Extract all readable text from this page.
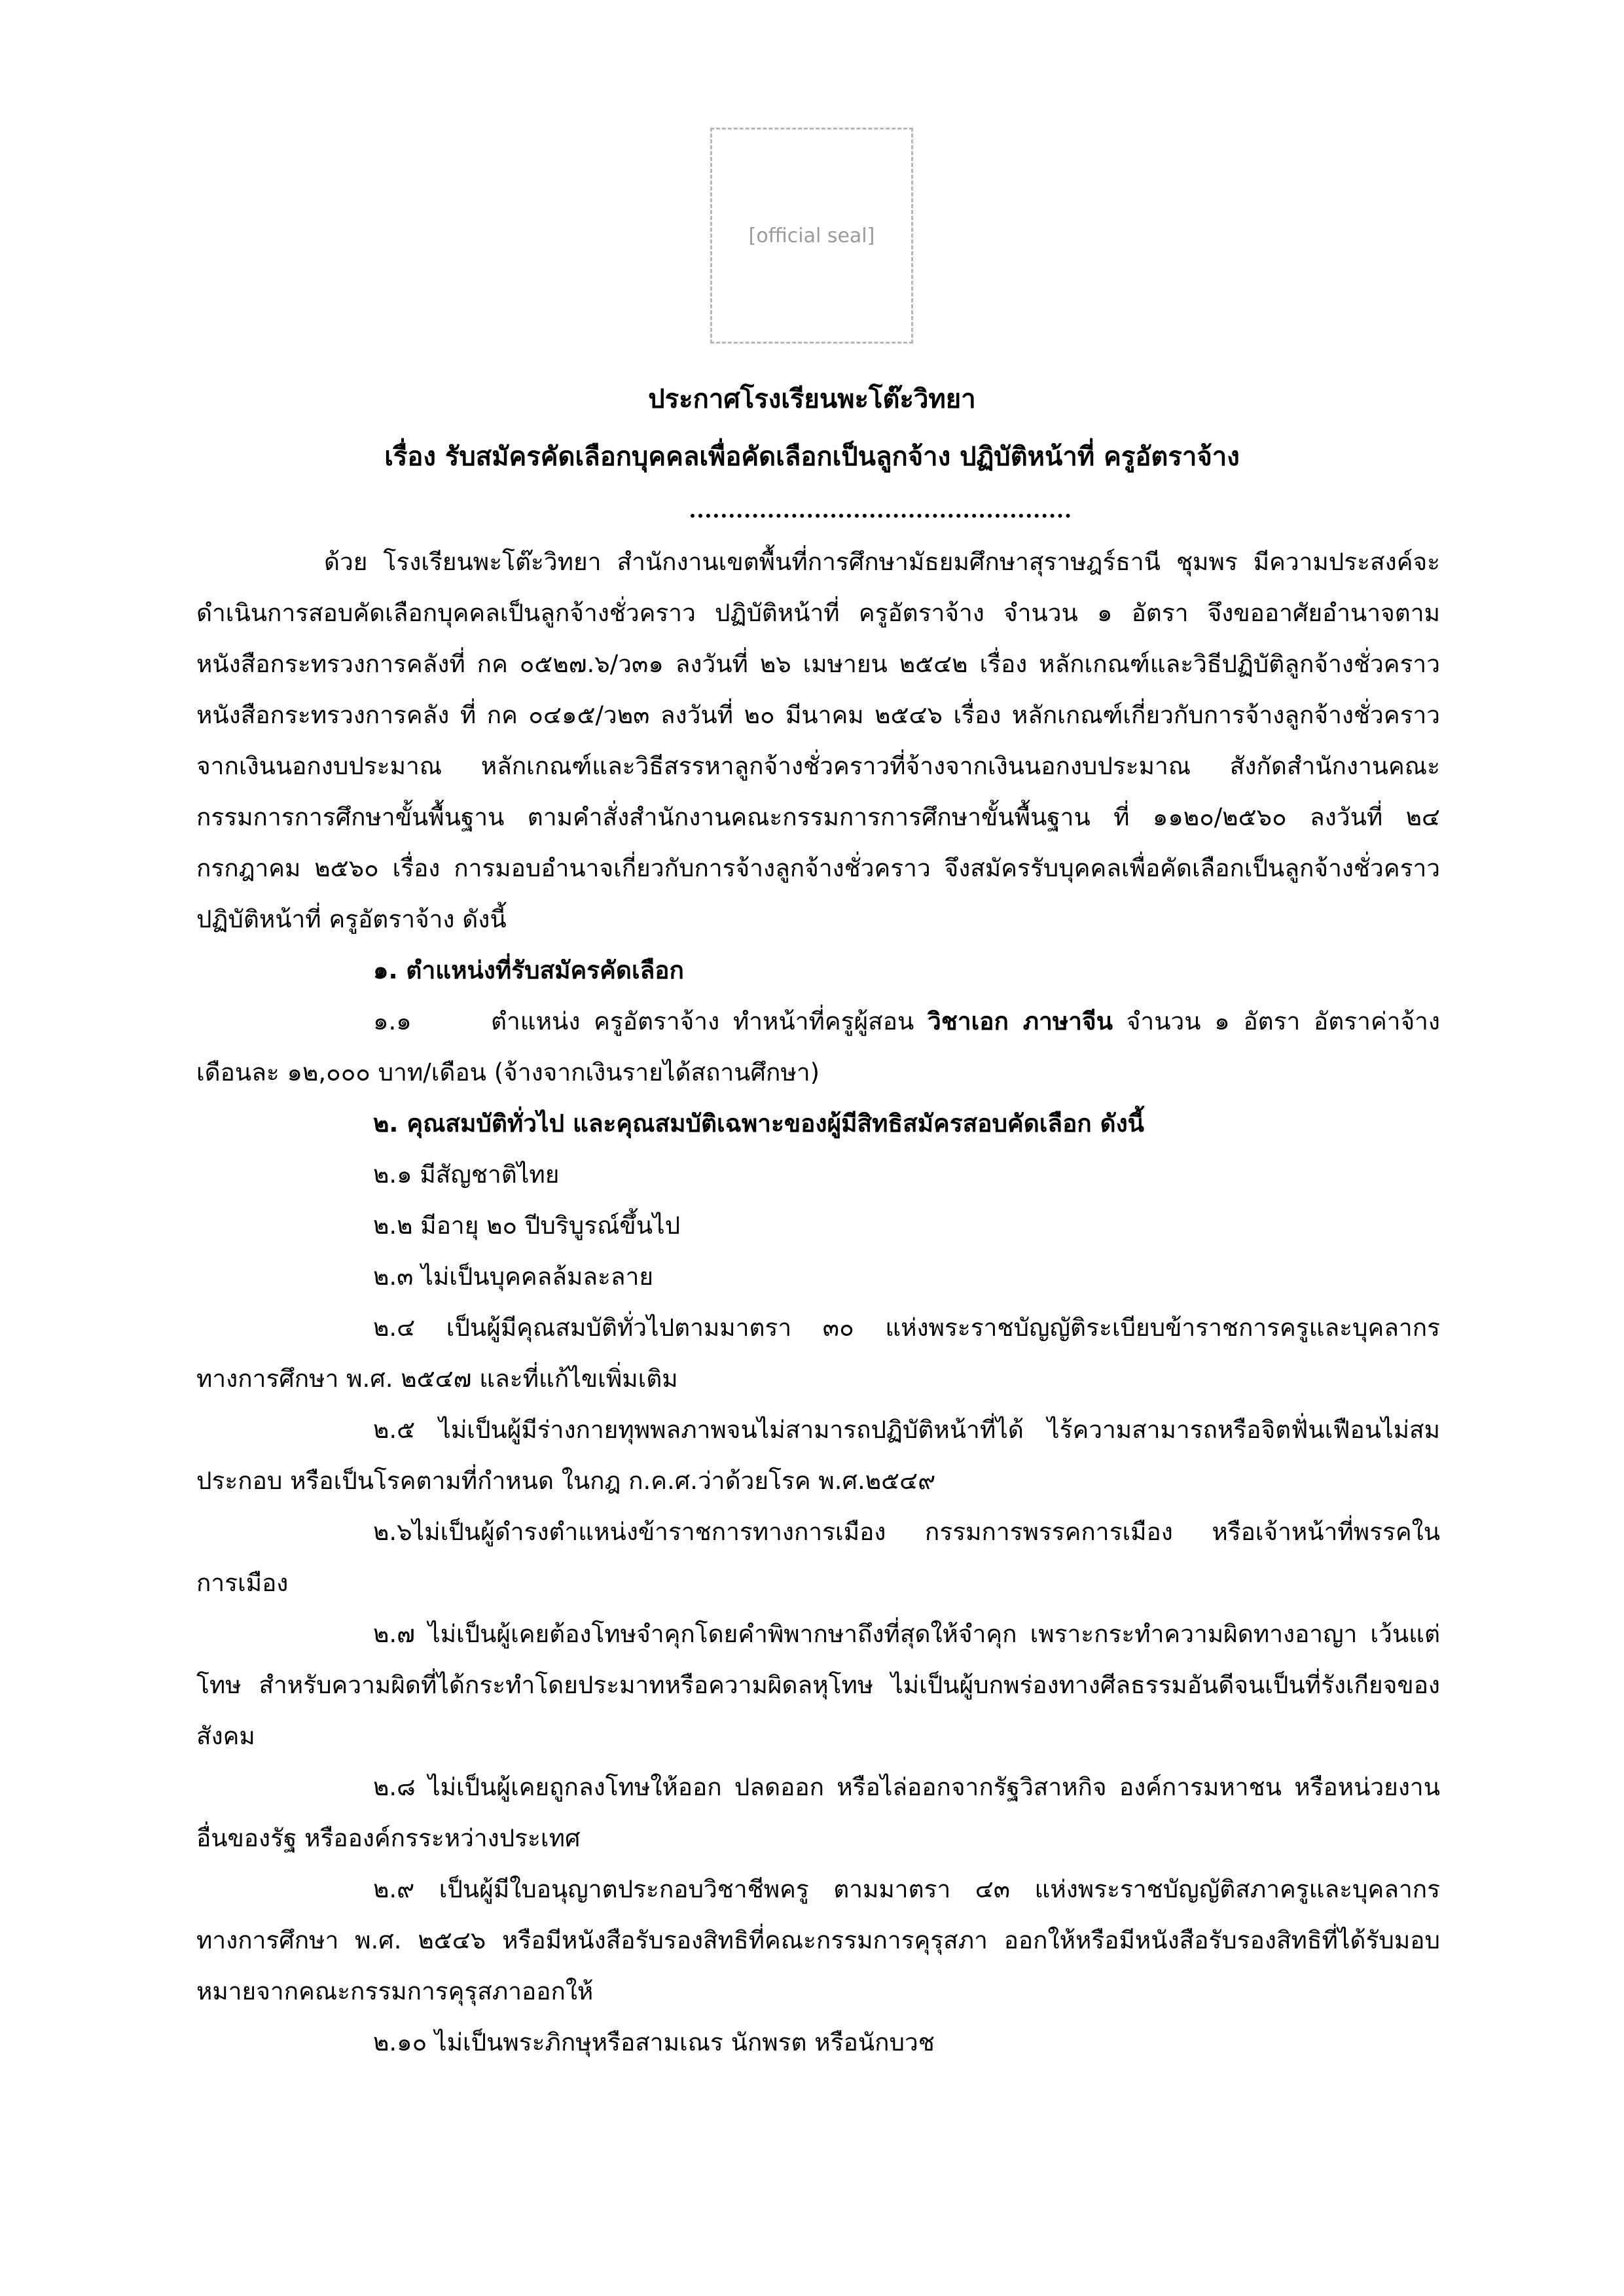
[official seal]
ประกาศโรงเรียนพะโต๊ะวิทยา
เรื่อง รับสมัครคัดเลือกบุคคลเพื่อคัดเลือกเป็นลูกจ้าง ปฏิบัติหน้าที่ ครูอัตราจ้าง

ด้วย โรงเรียนพะโต๊ะวิทยา สำนักงานเขตพื้นที่การศึกษามัธยมศึกษาสุราษฎร์ธานี ชุมพร มีความประสงค์จะดำเนินการสอบคัดเลือกบุคคลเป็นลูกจ้างชั่วคราว ปฏิบัติหน้าที่ ครูอัตราจ้าง จำนวน ๑ อัตรา จึงขออาศัยอำนาจตามหนังสือกระทรวงการคลังที่ กค ๐๕๒๗.๖/ว๓๑ ลงวันที่ ๒๖ เมษายน ๒๕๔๒ เรื่อง หลักเกณฑ์และวิธีปฏิบัติลูกจ้างชั่วคราว หนังสือกระทรวงการคลัง ที่ กค ๐๔๑๕/ว๒๓ ลงวันที่ ๒๐ มีนาคม ๒๕๔๖ เรื่อง หลักเกณฑ์เกี่ยวกับการจ้างลูกจ้างชั่วคราวจากเงินนอกงบประมาณ หลักเกณฑ์และวิธีสรรหาลูกจ้างชั่วคราวที่จ้างจากเงินนอกงบประมาณ สังกัดสำนักงานคณะกรรมการการศึกษาขั้นพื้นฐาน ตามคำสั่งสำนักงานคณะกรรมการการศึกษาขั้นพื้นฐาน ที่ ๑๑๒๐/๒๕๖๐ ลงวันที่ ๒๔ กรกฎาคม ๒๕๖๐ เรื่อง การมอบอำนาจเกี่ยวกับการจ้างลูกจ้างชั่วคราว จึงสมัครรับบุคคลเพื่อคัดเลือกเป็นลูกจ้างชั่วคราว ปฏิบัติหน้าที่ ครูอัตราจ้าง ดังนี้

๑. ตำแหน่งที่รับสมัครคัดเลือก

๑.๑	ตำแหน่ง ครูอัตราจ้าง ทำหน้าที่ครูผู้สอน วิชาเอก ภาษาจีน จำนวน ๑ อัตรา อัตราค่าจ้างเดือนละ ๑๒,๐๐๐ บาท/เดือน (จ้างจากเงินรายได้สถานศึกษา)

๒. คุณสมบัติทั่วไป และคุณสมบัติเฉพาะของผู้มีสิทธิสมัครสอบคัดเลือก ดังนี้

๒.๑ มีสัญชาติไทย

๒.๒ มีอายุ ๒๐ ปีบริบูรณ์ขึ้นไป

๒.๓ ไม่เป็นบุคคลล้มละลาย

๒.๔ เป็นผู้มีคุณสมบัติทั่วไปตามมาตรา ๓๐ แห่งพระราชบัญญัติระเบียบข้าราชการครูและบุคลากรทางการศึกษา พ.ศ. ๒๕๔๗ และที่แก้ไขเพิ่มเติม

๒.๕ ไม่เป็นผู้มีร่างกายทุพพลภาพจนไม่สามารถปฏิบัติหน้าที่ได้ ไร้ความสามารถหรือจิตฟั่นเฟือนไม่สมประกอบ หรือเป็นโรคตามที่กำหนด ในกฎ ก.ค.ศ.ว่าด้วยโรค พ.ศ.๒๕๔๙

๒.๖ไม่เป็นผู้ดำรงตำแหน่งข้าราชการทางการเมือง กรรมการพรรคการเมือง หรือเจ้าหน้าที่พรรคในการเมือง

๒.๗ ไม่เป็นผู้เคยต้องโทษจำคุกโดยคำพิพากษาถึงที่สุดให้จำคุก เพราะกระทำความผิดทางอาญา เว้นแต่โทษ สำหรับความผิดที่ได้กระทำโดยประมาทหรือความผิดลหุโทษ ไม่เป็นผู้บกพร่องทางศีลธรรมอันดีจนเป็นที่รังเกียจของสังคม

๒.๘ ไม่เป็นผู้เคยถูกลงโทษให้ออก ปลดออก หรือไล่ออกจากรัฐวิสาหกิจ องค์การมหาชน หรือหน่วยงานอื่นของรัฐ หรือองค์กรระหว่างประเทศ

๒.๙ เป็นผู้มีใบอนุญาตประกอบวิชาชีพครู ตามมาตรา ๔๓ แห่งพระราชบัญญัติสภาครูและบุคลากรทางการศึกษา พ.ศ. ๒๕๔๖ หรือมีหนังสือรับรองสิทธิที่คณะกรรมการคุรุสภา ออกให้หรือมีหนังสือรับรองสิทธิที่ได้รับมอบหมายจากคณะกรรมการคุรุสภาออกให้

๒.๑๐ ไม่เป็นพระภิกษุหรือสามเณร นักพรต หรือนักบวช
